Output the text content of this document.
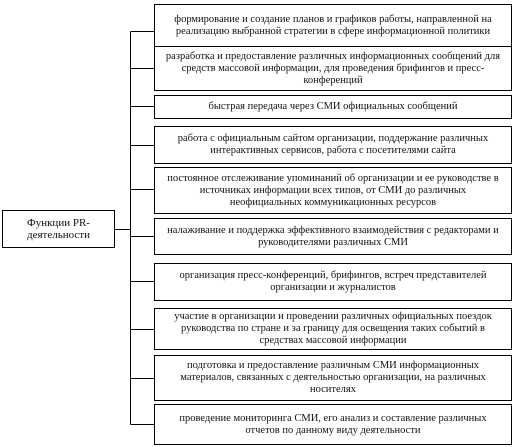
Функции PR-деятельности
формирование и создание планов и графиков работы, направленной на реализацию выбранной стратегии в сфере информационной политики
разработка и предоставление различных информационных сообщений для средств массовой информации, для проведения брифингов и пресс-конференций
быстрая передача через СМИ официальных сообщений
работа с официальным сайтом организации, поддержание различных интерактивных сервисов, работа с посетителями сайта
постоянное отслеживание упоминаний об организации и ее руководстве в источниках информации всех типов, от СМИ до различных неофициальных коммуникационных ресурсов
налаживание и поддержка эффективного взаимодействия с редакторами и руководителями различных СМИ
организация пресс-конференций, брифингов, встреч представителей организации и журналистов
участие в организации и проведении различных официальных поездок руководства по стране и за границу для освещения таких событий в средствах массовой информации
подготовка и предоставление различным СМИ информационных материалов, связанных с деятельностью организации, на различных носителях
проведение мониторинга СМИ, его анализ и составление различных отчетов по данному виду деятельности
